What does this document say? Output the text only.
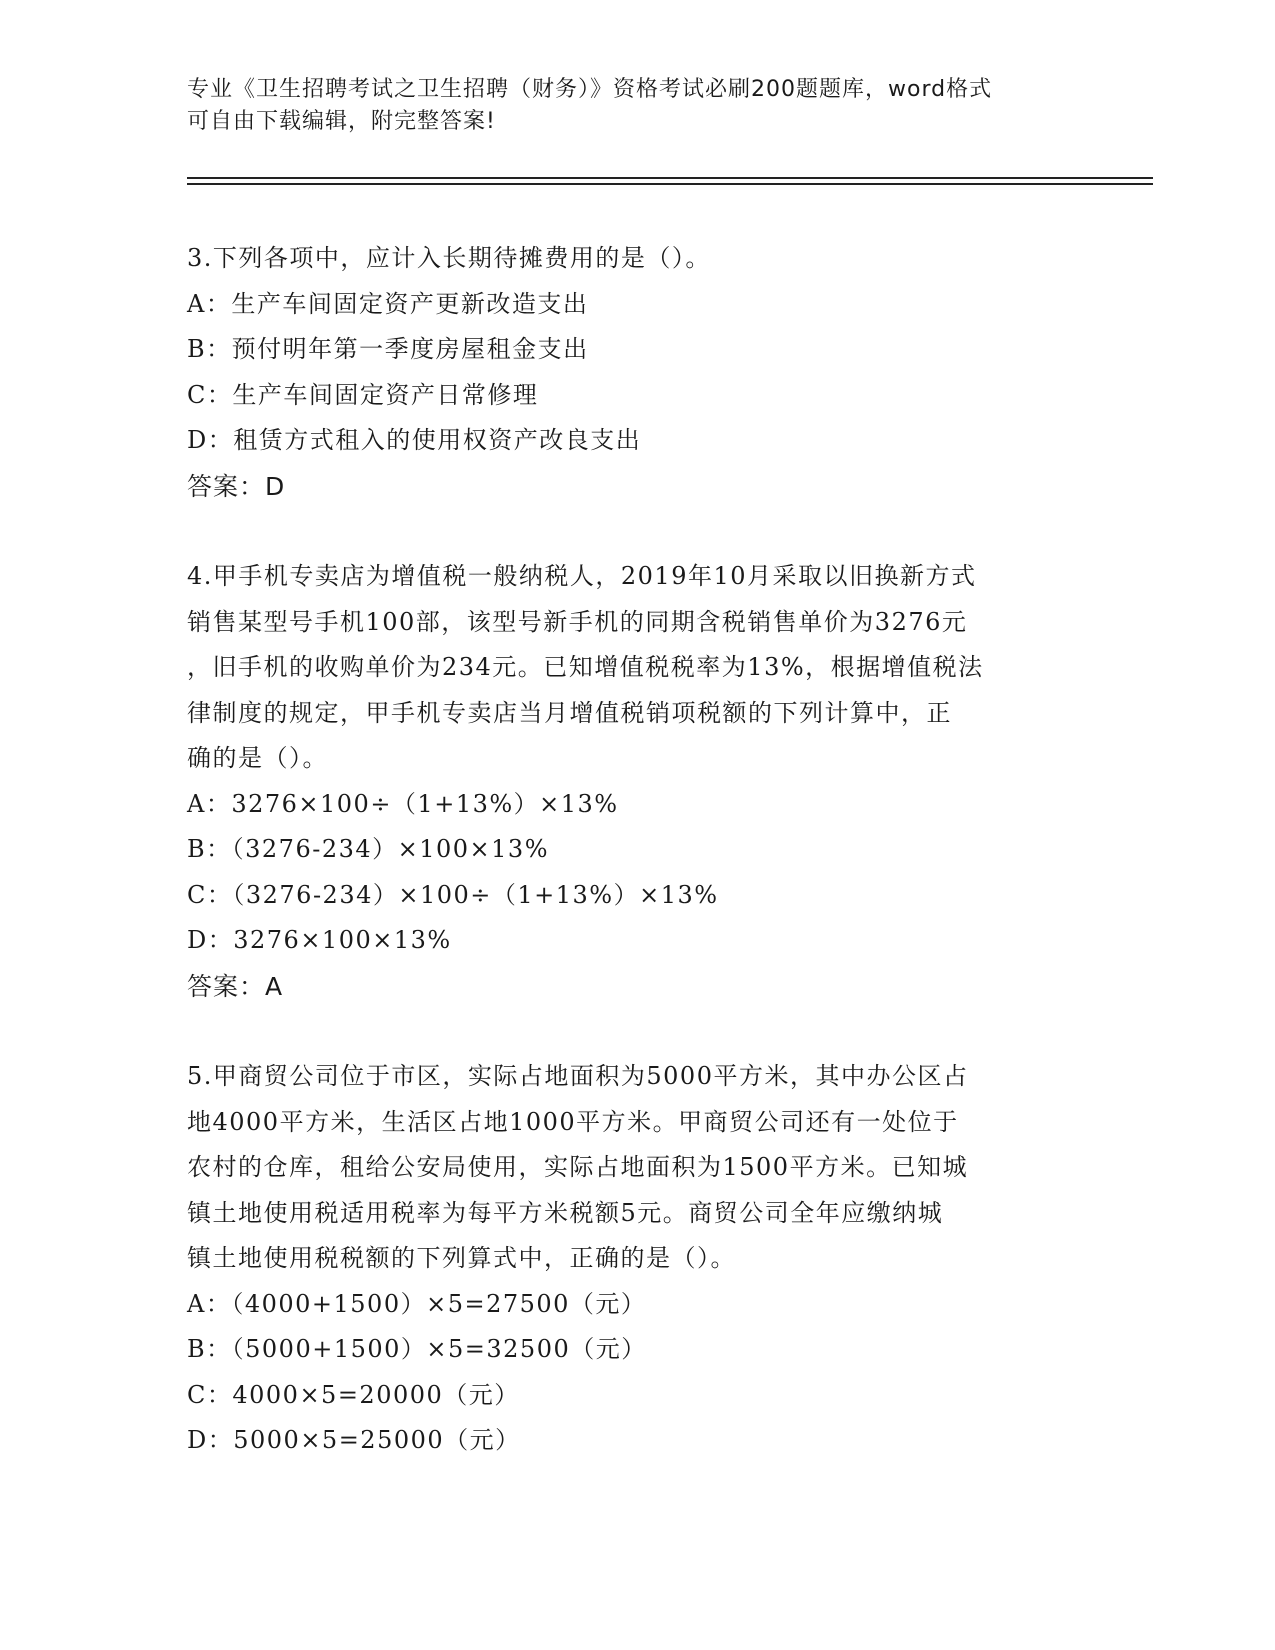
专业《卫生招聘考试之卫生招聘（财务）》资格考试必刷200题题库，word格式
可自由下载编辑，附完整答案!
3.下列各项中，应计入长期待摊费用的是（）。
A：生产车间固定资产更新改造支出
B：预付明年第一季度房屋租金支出
C：生产车间固定资产日常修理
D：租赁方式租入的使用权资产改良支出
答案：D
4.甲手机专卖店为增值税一般纳税人，2019年10月采取以旧换新方式
销售某型号手机100部，该型号新手机的同期含税销售单价为3276元
，旧手机的收购单价为234元。已知增值税税率为13%，根据增值税法
律制度的规定，甲手机专卖店当月增值税销项税额的下列计算中，正
确的是（）。
A：3276×100÷（1+13%）×13%
B：（3276-234）×100×13%
C：（3276-234）×100÷（1+13%）×13%
D：3276×100×13%
答案：A
5.甲商贸公司位于市区，实际占地面积为5000平方米，其中办公区占
地4000平方米，生活区占地1000平方米。甲商贸公司还有一处位于
农村的仓库，租给公安局使用，实际占地面积为1500平方米。已知城
镇土地使用税适用税率为每平方米税额5元。商贸公司全年应缴纳城
镇土地使用税税额的下列算式中，正确的是（）。
A：（4000+1500）×5=27500（元）
B：（5000+1500）×5=32500（元）
C：4000×5=20000（元）
D：5000×5=25000（元）
